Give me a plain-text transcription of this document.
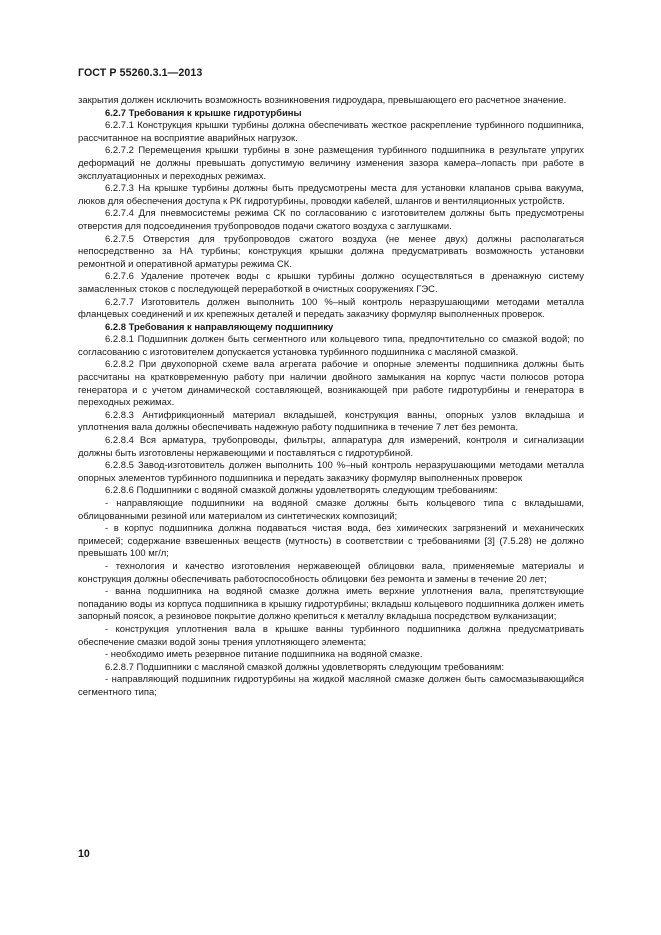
ГОСТ Р 55260.3.1—2013

закрытия должен исключить возможность возникновения гидроудара, превышающего его расчетное значение.

6.2.7 Требования к крышке гидротурбины

6.2.7.1 Конструкция крышки турбины должна обеспечивать жесткое раскрепление турбинного подшипника, рассчитанное на восприятие аварийных нагрузок.

6.2.7.2 Перемещения крышки турбины в зоне размещения турбинного подшипника в результате упругих деформаций не должны превышать допустимую величину изменения зазора камера–лопасть при работе в эксплуатационных и переходных режимах.

6.2.7.3 На крышке турбины должны быть предусмотрены места для установки клапанов срыва вакуума, люков для обеспечения доступа к РК гидротурбины, проводки кабелей, шлангов и вентиляционных устройств.

6.2.7.4 Для пневмосистемы режима СК по согласованию с изготовителем должны быть предусмотрены отверстия для подсоединения трубопроводов подачи сжатого воздуха с заглушками.

6.2.7.5 Отверстия для трубопроводов сжатого воздуха (не менее двух) должны располагаться непосредственно за НА турбины; конструкция крышки должна предусматривать возможность установки ремонтной и оперативной арматуры режима СК.

6.2.7.6 Удаление протечек воды с крышки турбины должно осуществляться в дренажную систему замасленных стоков с последующей переработкой в очистных сооружениях ГЭС.

6.2.7.7 Изготовитель должен выполнить 100 %–ный контроль неразрушающими методами металла фланцевых соединений и их крепежных деталей и передать заказчику формуляр выполненных проверок.

6.2.8 Требования к направляющему подшипнику

6.2.8.1 Подшипник должен быть сегментного или кольцевого типа, предпочтительно со смазкой водой; по согласованию с изготовителем допускается установка турбинного подшипника с масляной смазкой.

6.2.8.2 При двухопорной схеме вала агрегата рабочие и опорные элементы подшипника должны быть рассчитаны на кратковременную работу при наличии двойного замыкания на корпус части полюсов ротора генератора и с учетом динамической составляющей, возникающей при работе гидротурбины и генератора в переходных режимах.

6.2.8.3 Антифрикционный материал вкладышей, конструкция ванны, опорных узлов вкладыша и уплотнения вала должны обеспечивать надежную работу подшипника в течение 7 лет без ремонта.

6.2.8.4 Вся арматура, трубопроводы, фильтры, аппаратура для измерений, контроля и сигнализации должны быть изготовлены нержавеющими и поставляться с гидротурбиной.

6.2.8.5 Завод-изготовитель должен выполнить 100 %–ный контроль неразрушающими методами металла опорных элементов турбинного подшипника и передать заказчику формуляр выполненных проверок

6.2.8.6 Подшипники с водяной смазкой должны удовлетворять следующим требованиям:

- направляющие подшипники на водяной смазке должны быть кольцевого типа с вкладышами, облицованными резиной или материалом из синтетических композиций;

- в корпус подшипника должна подаваться чистая вода, без химических загрязнений и механических примесей; содержание взвешенных веществ (мутность) в соответствии с требованиями [3] (7.5.28) не должно превышать 100 мг/л;

- технология и качество изготовления нержавеющей облицовки вала, применяемые материалы и конструкция должны обеспечивать работоспособность облицовки без ремонта и замены в течение 20 лет;

- ванна подшипника на водяной смазке должна иметь верхние уплотнения вала, препятствующие попаданию воды из корпуса подшипника в крышку гидротурбины; вкладыш кольцевого подшипника должен иметь запорный поясок, а резиновое покрытие должно крепиться к металлу вкладыша посредством вулканизации;

- конструкция уплотнения вала в крышке ванны турбинного подшипника должна предусматривать обеспечение смазки водой зоны трения уплотняющего элемента;

- необходимо иметь резервное питание подшипника на водяной смазке.

6.2.8.7 Подшипники с масляной смазкой должны удовлетворять следующим требованиям:

- направляющий подшипник гидротурбины на жидкой масляной смазке должен быть самосмазывающийся сегментного типа;

10
